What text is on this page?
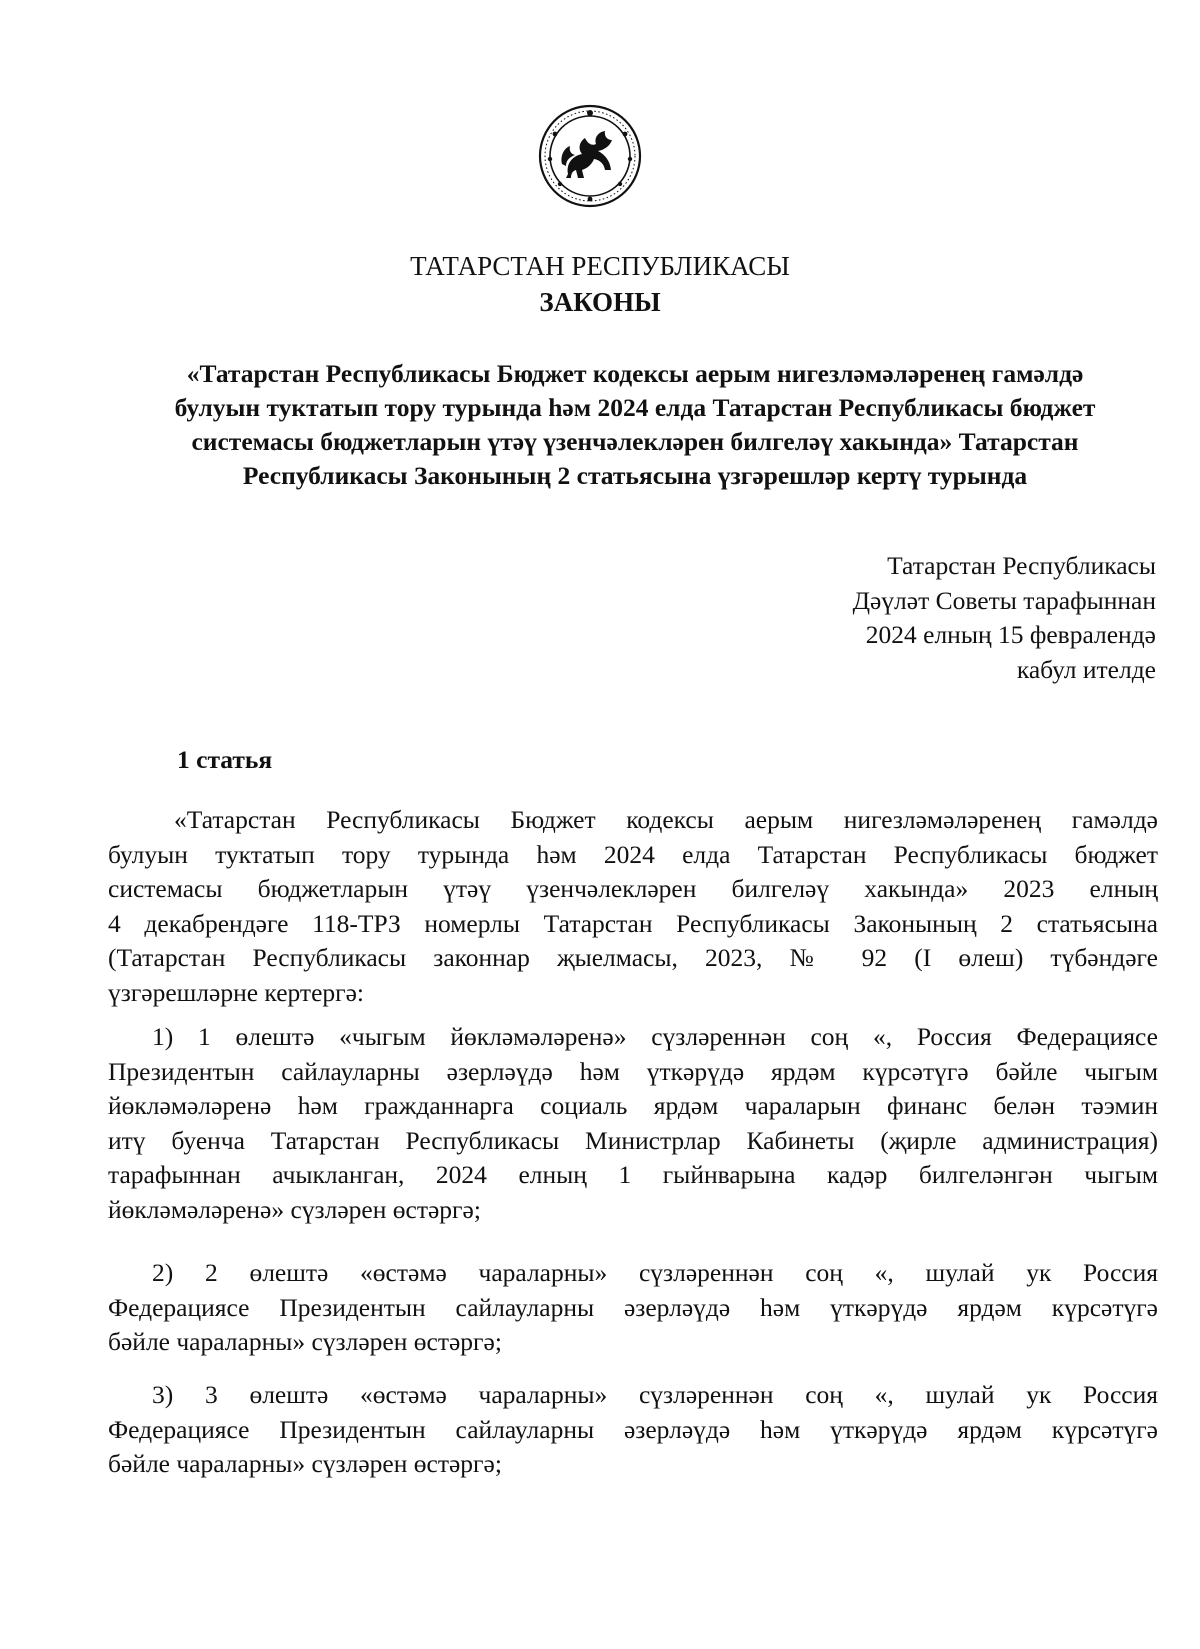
ТАТАРСТАН РЕСПУБЛИКАСЫ
ЗАКОНЫ
«Татарстан Республикасы Бюджет кодексы аерым нигезләмәләренең гамәлдә
булуын туктатып тору турында һәм 2024 елда Татарстан Республикасы бюджет
системасы бюджетларын үтәү үзенчәлекләрен билгеләү хакында» Татарстан
Республикасы Законының 2 статьясына үзгәрешләр кертү турында
Татарстан Республикасы
Дәүләт Советы тарафыннан
2024 елның 15 февралендә
кабул ителде
1 статья
«Татарстан Республикасы Бюджет кодексы аерым нигезләмәләренең гамәлдә
булуын туктатып тору турында һәм 2024 елда Татарстан Республикасы бюджет
системасы бюджетларын үтәү үзенчәлекләрен билгеләү хакында» 2023 елның
4 декабрендәге 118-ТРЗ номерлы Татарстан Республикасы Законының 2 статьясына
(Татарстан Республикасы законнар җыелмасы, 2023, № 92 (I өлеш) түбәндәге
үзгәрешләрне кертергә:
1) 1 өлештә «чыгым йөкләмәләренә» сүзләреннән соң «, Россия Федерациясе
Президентын сайлауларны әзерләүдә һәм үткәрүдә ярдәм күрсәтүгә бәйле чыгым
йөкләмәләренә һәм гражданнарга социаль ярдәм чараларын финанс белән тәэмин
итү буенча Татарстан Республикасы Министрлар Кабинеты (җирле администрация)
тарафыннан ачыкланган, 2024 елның 1 гыйнварына кадәр билгеләнгән чыгым
йөкләмәләренә» сүзләрен өстәргә;
2) 2 өлештә «өстәмә чараларны» сүзләреннән соң «, шулай ук Россия
Федерациясе Президентын сайлауларны әзерләүдә һәм үткәрүдә ярдәм күрсәтүгә
бәйле чараларны» сүзләрен өстәргә;
3) 3 өлештә «өстәмә чараларны» сүзләреннән соң «, шулай ук Россия
Федерациясе Президентын сайлауларны әзерләүдә һәм үткәрүдә ярдәм күрсәтүгә
бәйле чараларны» сүзләрен өстәргә;
